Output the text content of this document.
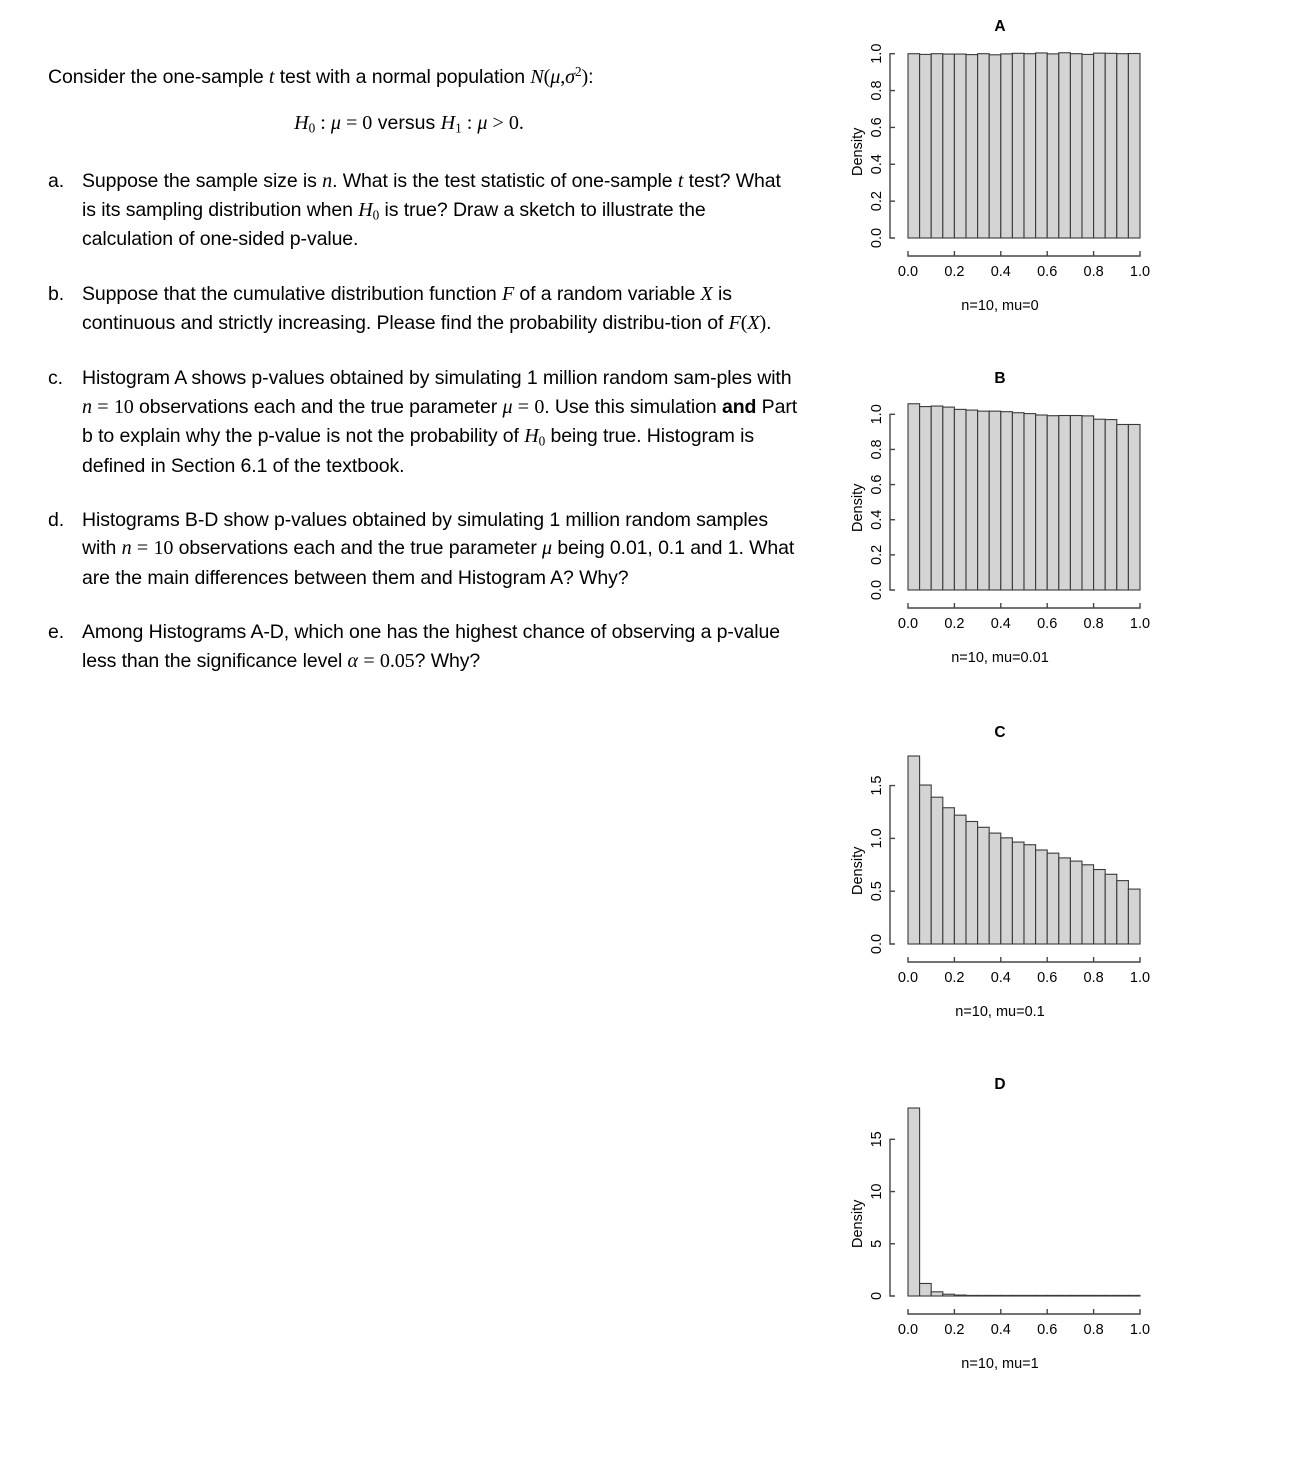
Consider the one-sample t test with a normal population $N(\mu,\sigma^2)$:
$H_0$ : μ = 0 versus $H_1$ : μ > 0.
a. Suppose the sample size is n. What is the test statistic of one-sample t test? What is its sampling distribution when $H_0$ is true? Draw a sketch to illustrate the calculation of one-sided p-value.
b. Suppose that the cumulative distribution function F of a random variable X is continuous and strictly increasing. Please find the probability distribu‑tion of F(X).
c. Histogram A shows p-values obtained by simulating 1 million random sam‑ples with n = 10 observations each and the true parameter μ = 0. Use this simulation and Part b to explain why the p-value is not the probability of $H_0$ being true. Histogram is defined in Section 6.1 of the textbook.
d. Histograms B-D show p-values obtained by simulating 1 million random samples with n = 10 observations each and the true parameter μ being 0.01, 0.1 and 1. What are the main differences between them and Histogram A? Why?
e. Among Histograms A-D, which one has the highest chance of observing a p-value less than the significance level α = 0.05? Why?
A
Density
0.0
0.2
0.4
0.6
0.8
1.0
0.0 0.2 0.4 0.6 0.8 1.0
n=10, mu=0
B
Density
0.0
0.2
0.4
0.6
0.8
1.0
0.0 0.2 0.4 0.6 0.8 1.0
n=10, mu=0.01
C
Density
0.0
0.5
1.0
1.5
0.0 0.2 0.4 0.6 0.8 1.0
n=10, mu=0.1
D
Density
0
5
10
15
0.0 0.2 0.4 0.6 0.8 1.0
n=10, mu=1
